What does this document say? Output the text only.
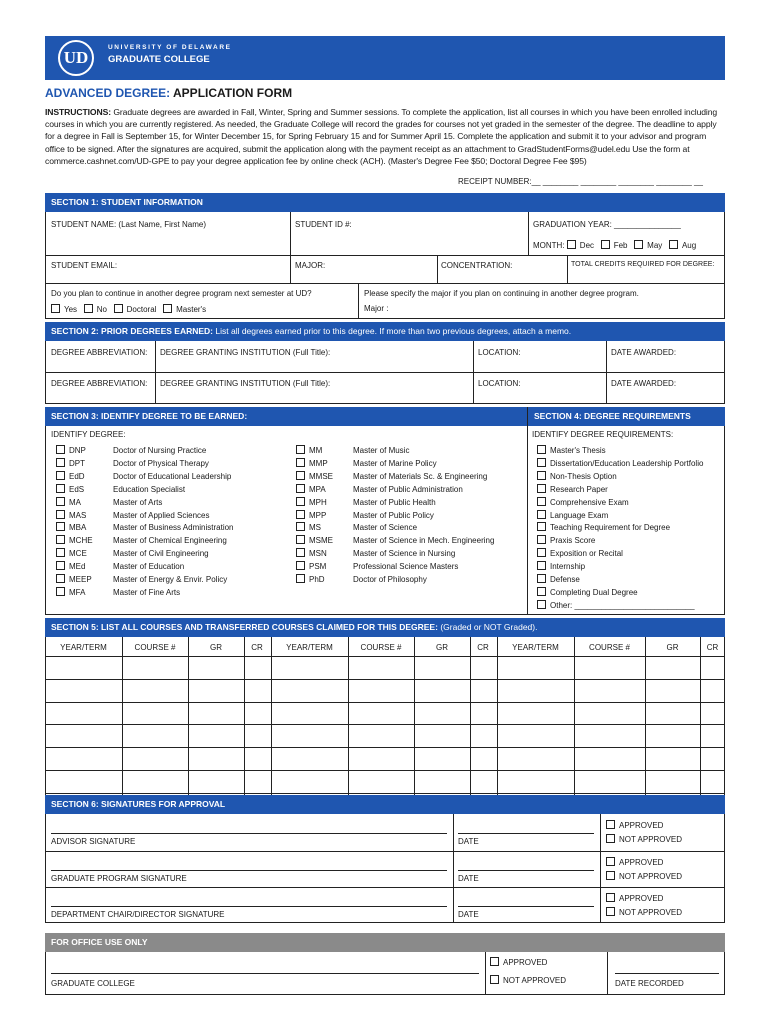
UD
UNIVERSITY OF DELAWARE
GRADUATE COLLEGE
ADVANCED DEGREE: APPLICATION FORM
INSTRUCTIONS: Graduate degrees are awarded in Fall, Winter, Spring and Summer sessions. To complete the application, list all courses in which you have been enrolled including courses in which you are currently registered. As needed, the Graduate College will record the grades for courses not yet graded in the semester of the degree. The deadline to apply for a degree in Fall is September 15, for Winter December 15, for Spring February 15 and for Summer April 15. Complete the application and submit it to your advisor and program office to be signed. After the signatures are acquired, submit the application along with the payment receipt as an attachment to GradStudentForms@udel.edu Use the form at commerce.cashnet.com/UD-GPE to pay your degree application fee by online check (ACH). (Master's Degree Fee $50; Doctoral Degree Fee $95)
RECEIPT NUMBER:__ ________ ________ ________ ________ __
SECTION 1: STUDENT INFORMATION
STUDENT NAME: (Last Name, First Name)	STUDENT ID #:	GRADUATION YEAR: _______________
MONTH: Dec Feb May Aug
STUDENT EMAIL:	MAJOR:	CONCENTRATION:	TOTAL CREDITS REQUIRED FOR DEGREE:
Do you plan to continue in another degree program next semester at UD?
Yes No Doctoral Master's
Please specify the major if you plan on continuing in another degree program.
Major :
SECTION 2: PRIOR DEGREES EARNED: List all degrees earned prior to this degree. If more than two previous degrees, attach a memo.
DEGREE ABBREVIATION: DEGREE GRANTING INSTITUTION (Full Title):	LOCATION:	DATE AWARDED:
DEGREE ABBREVIATION: DEGREE GRANTING INSTITUTION (Full Title):	LOCATION:	DATE AWARDED:
SECTION 3: IDENTIFY DEGREE TO BE EARNED:	SECTION 4: DEGREE REQUIREMENTS
IDENTIFY DEGREE:	IDENTIFY DEGREE REQUIREMENTS:
DNP	Doctor of Nursing Practice
DPT	Doctor of Physical Therapy
EdD	Doctor of Educational Leadership
EdS	Education Specialist
MA	Master of Arts
MAS	Master of Applied Sciences
MBA	Master of Business Administration
MCHE	Master of Chemical Engineering
MCE	Master of Civil Engineering
MEd	Master of Education
MEEP	Master of Energy & Envir. Policy
MFA	Master of Fine Arts
MM	Master of Music
MMP	Master of Marine Policy
MMSE	Master of Materials Sc. & Engineering
MPA	Master of Public Administration
MPH	Master of Public Health
MPP	Master of Public Policy
MS	Master of Science
MSME	Master of Science in Mech. Engineering
MSN	Master of Science in Nursing
PSM	Professional Science Masters
PhD	Doctor of Philosophy
Master's Thesis
Dissertation/Education Leadership Portfolio
Non-Thesis Option
Research Paper
Comprehensive Exam
Language Exam
Teaching Requirement for Degree
Praxis Score
Exposition or Recital
Internship
Defense
Completing Dual Degree
Other: ___________________________
SECTION 5: LIST ALL COURSES AND TRANSFERRED COURSES CLAIMED FOR THIS DEGREE: (Graded or NOT Graded).
YEAR/TERM	COURSE #	GR	CR	YEAR/TERM	COURSE #	GR	CR	YEAR/TERM	COURSE #	GR	CR
SECTION 6: SIGNATURES FOR APPROVAL
ADVISOR SIGNATURE	DATE
APPROVED
NOT APPROVED
GRADUATE PROGRAM SIGNATURE	DATE
APPROVED
NOT APPROVED
DEPARTMENT CHAIR/DIRECTOR SIGNATURE	DATE
APPROVED
NOT APPROVED
FOR OFFICE USE ONLY
GRADUATE COLLEGE
APPROVED
NOT APPROVED	DATE RECORDED
